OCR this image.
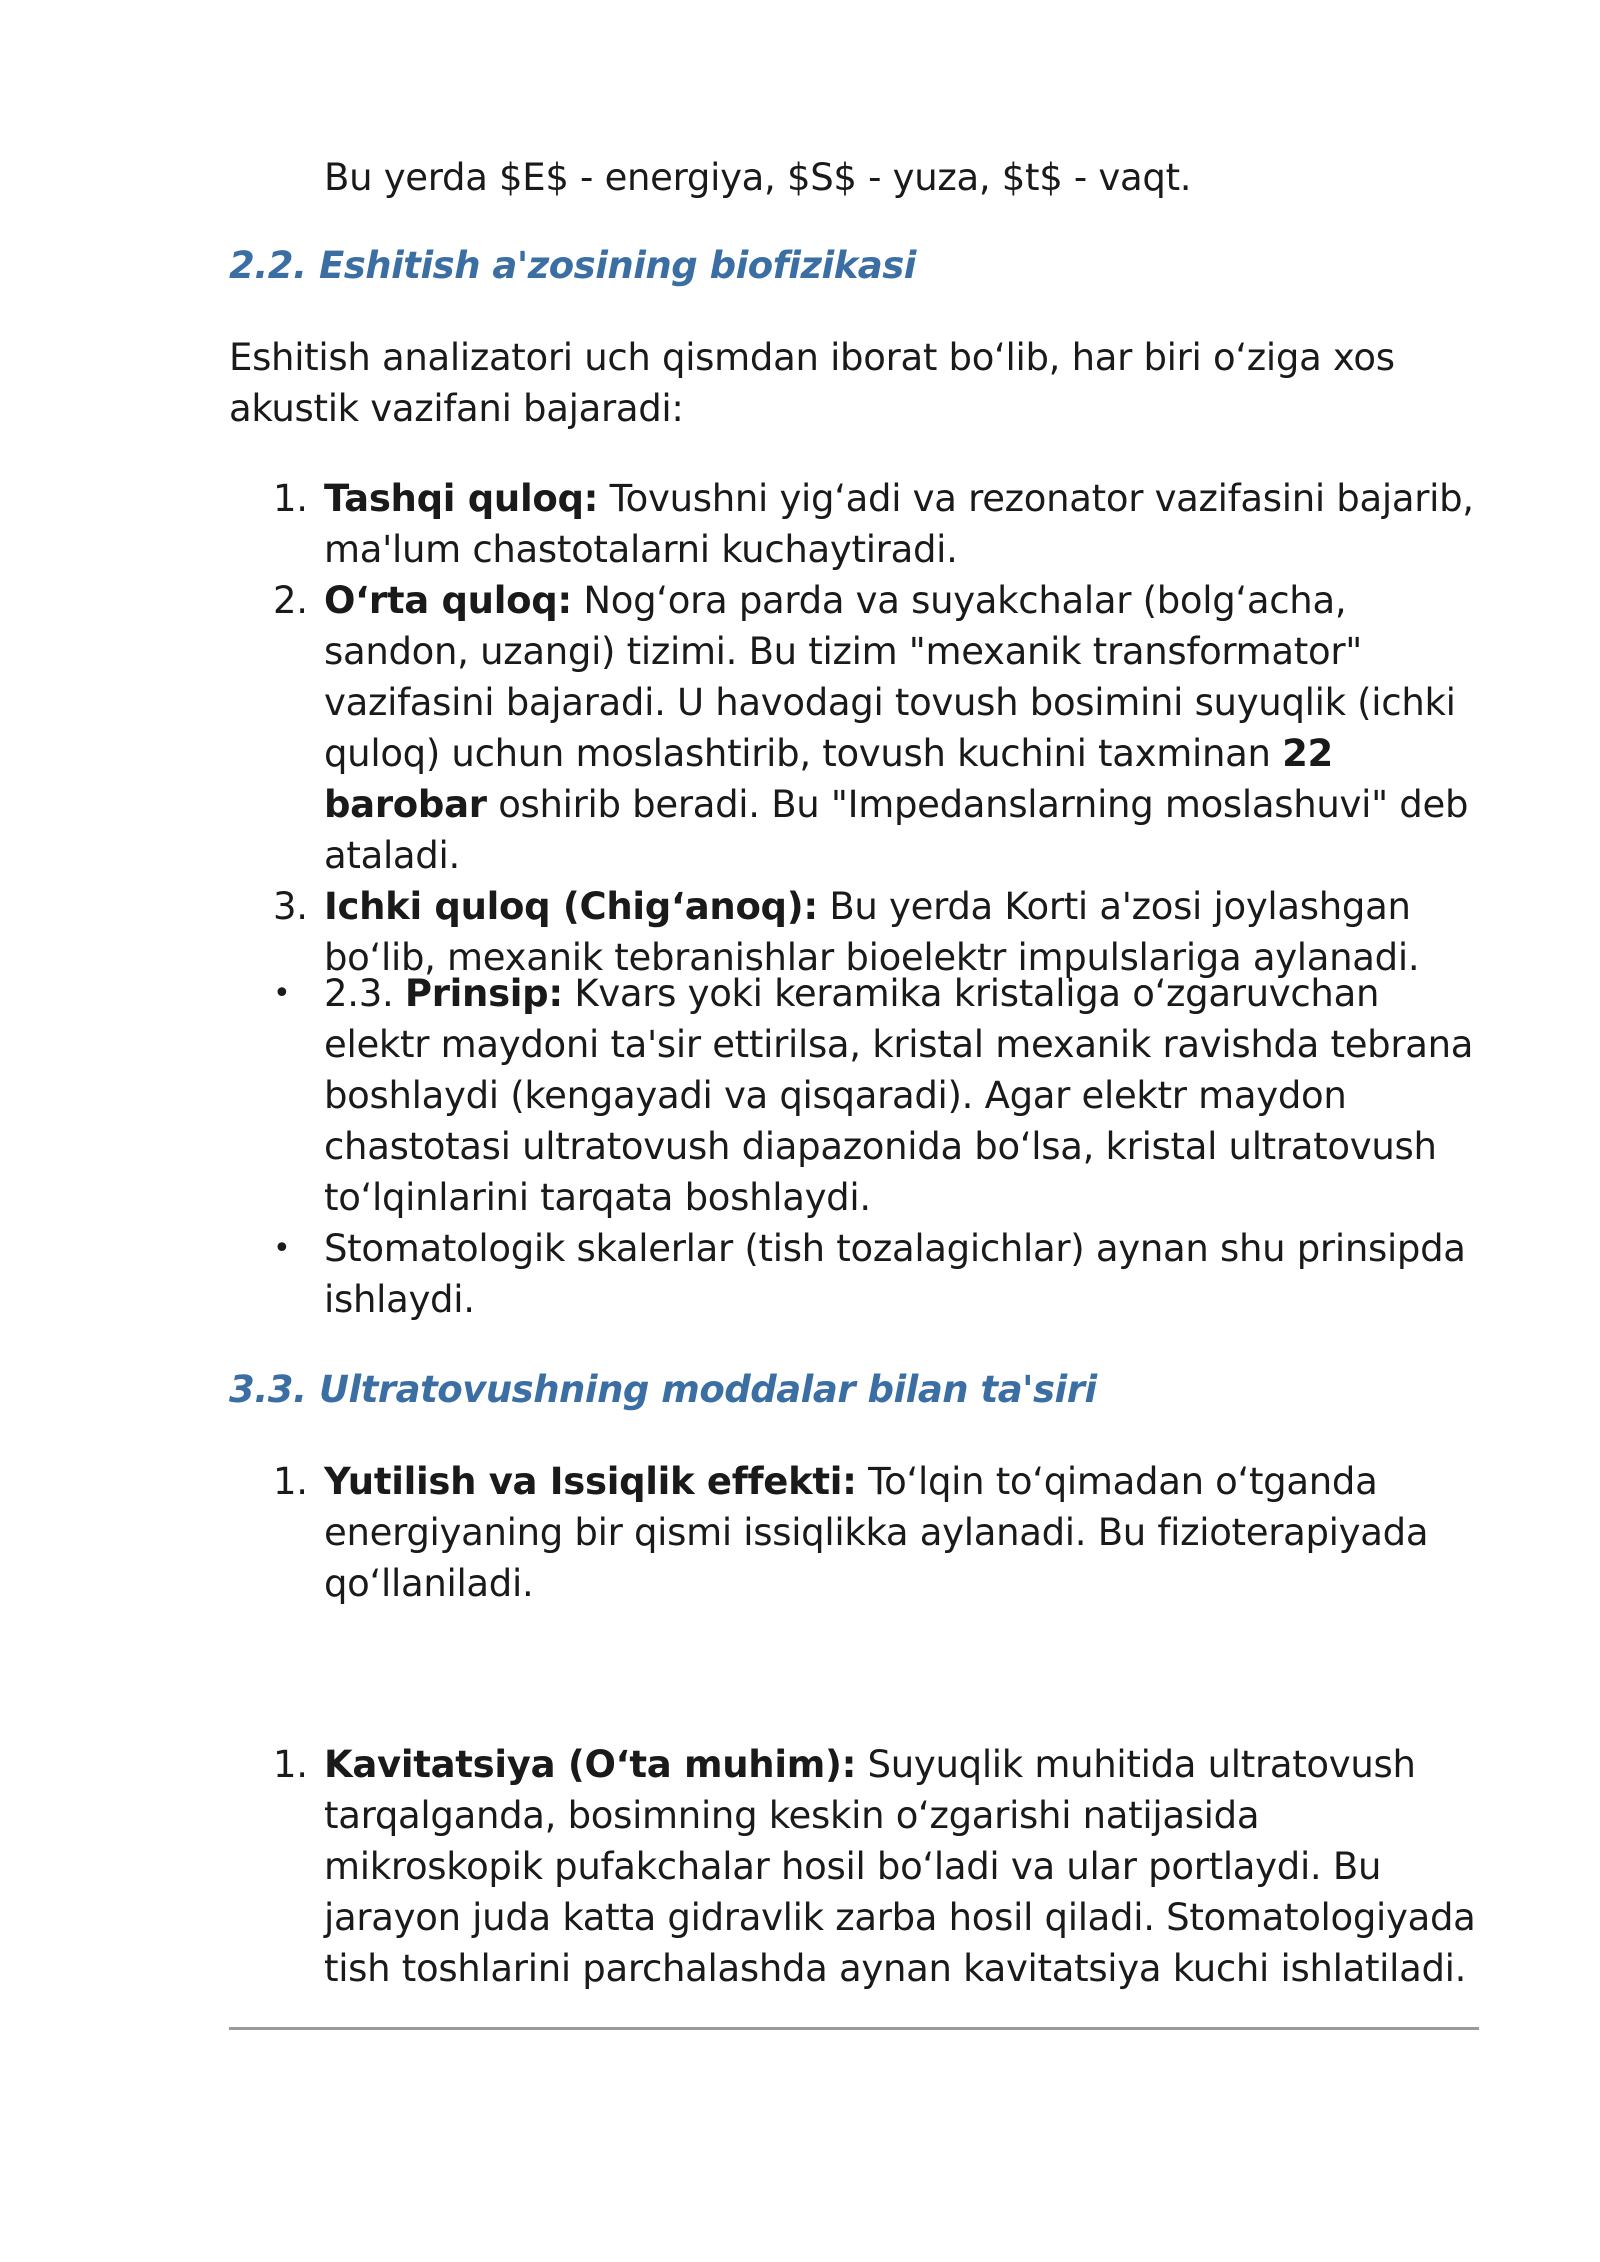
Bu yerda $E$ - energiya, $S$ - yuza, $t$ - vaqt.

2.2. Eshitish a'zosining biofizikasi

Eshitish analizatori uch qismdan iborat bo‘lib, har biri o‘ziga xos akustik vazifani bajaradi:

1. Tashqi quloq: Tovushni yig‘adi va rezonator vazifasini bajarib, ma'lum chastotalarni kuchaytiradi.
2. O‘rta quloq: Nog‘ora parda va suyakchalar (bolg‘acha, sandon, uzangi) tizimi. Bu tizim "mexanik transformator" vazifasini bajaradi. U havodagi tovush bosimini suyuqlik (ichki quloq) uchun moslashtirib, tovush kuchini taxminan 22 barobar oshirib beradi. Bu "Impedanslarning moslashuvi" deb ataladi.
3. Ichki quloq (Chig‘anoq): Bu yerda Korti a'zosi joylashgan bo‘lib, mexanik tebranishlar bioelektr impulslariga aylanadi.
• 2.3. Prinsip: Kvars yoki keramika kristaliga o‘zgaruvchan elektr maydoni ta'sir ettirilsa, kristal mexanik ravishda tebrana boshlaydi (kengayadi va qisqaradi). Agar elektr maydon chastotasi ultratovush diapazonida bo‘lsa, kristal ultratovush to‘lqinlarini tarqata boshlaydi.
• Stomatologik skalerlar (tish tozalagichlar) aynan shu prinsipda ishlaydi.
3.3. Ultratovushning moddalar bilan ta'siri
1. Yutilish va Issiqlik effekti: To‘lqin to‘qimadan o‘tganda energiyaning bir qismi issiqlikka aylanadi. Bu fizioterapiyada qo‘llaniladi.
1. Kavitatsiya (O‘ta muhim): Suyuqlik muhitida ultratovush tarqalganda, bosimning keskin o‘zgarishi natijasida mikroskopik pufakchalar hosil bo‘ladi va ular portlaydi. Bu jarayon juda katta gidravlik zarba hosil qiladi. Stomatologiyada tish toshlarini parchalashda aynan kavitatsiya kuchi ishlatiladi.
